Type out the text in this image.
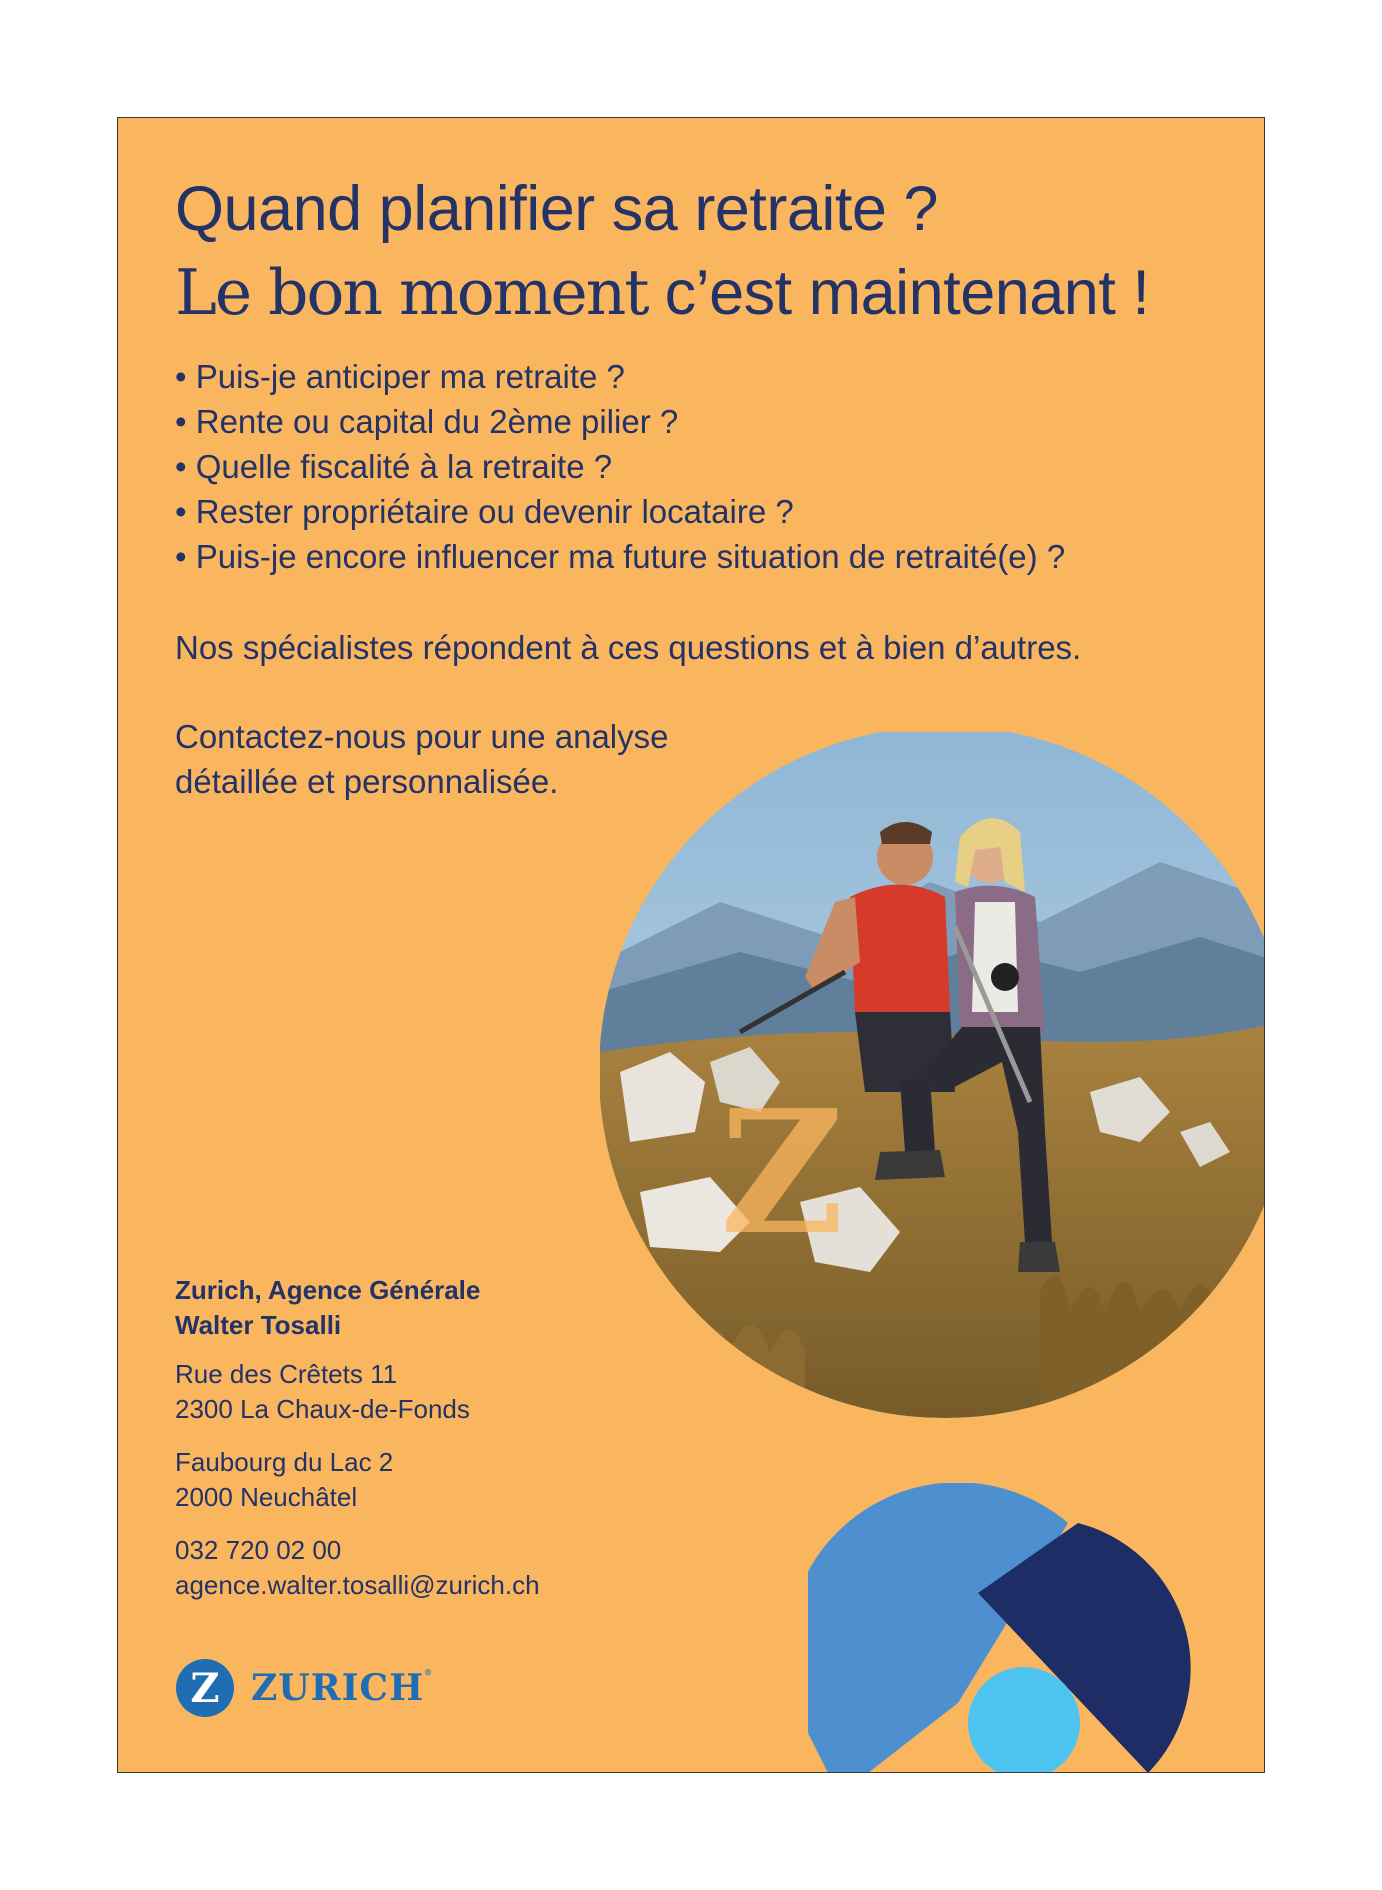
Quand planifier sa retraite ?
Le bon moment c’est maintenant !
• Puis-je anticiper ma retraite ?
• Rente ou capital du 2ème pilier ?
• Quelle fiscalité à la retraite ?
• Rester propriétaire ou devenir locataire ?
• Puis-je encore influencer ma future situation de retraité(e) ?

Nos spécialistes répondent à ces questions et à bien d’autres.

Contactez-nous pour une analyse
détaillée et personnalisée.

Z

Zurich, Agence Générale

Walter Tosalli

Rue des Crêtets 11

2300 La Chaux-de-Fonds

Faubourg du Lac 2

2000 Neuchâtel

032 720 02 00

agence.walter.tosalli@zurich.ch

Z ZURICH®
